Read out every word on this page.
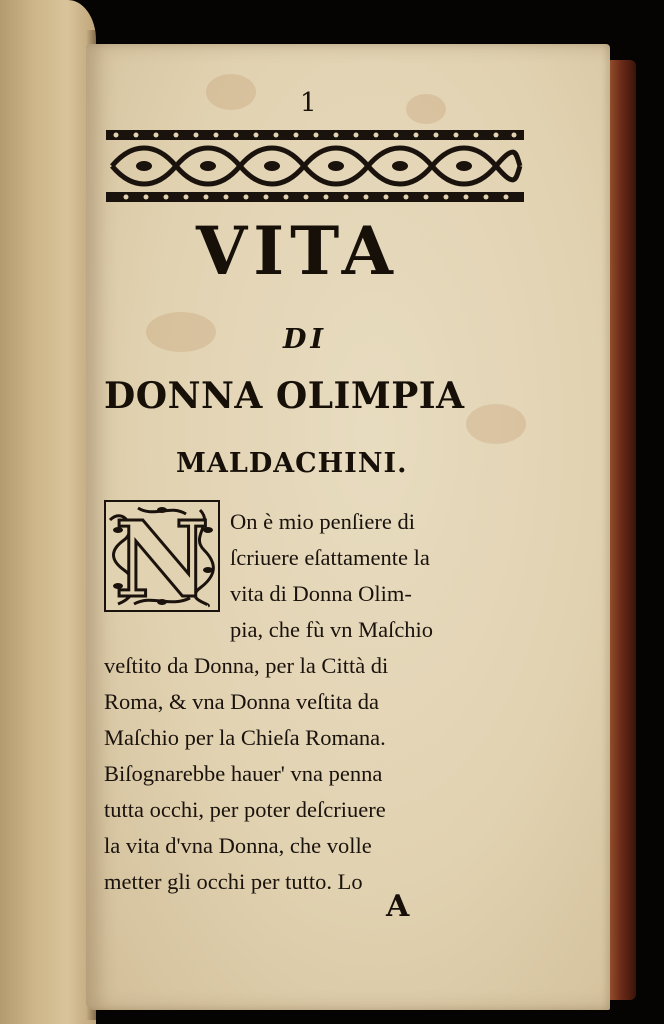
1
VITA
DI
DONNA OLIMPIA
MALDACHINI.
N On è mio penſiere di
ſcriuere eſattamente la
vita di Donna Olim-
pia, che fù vn Maſchio
veſtito da Donna, per la Città di
Roma, & vna Donna veſtita da
Maſchio per la Chieſa Romana.
Biſognarebbe hauer' vna penna
tutta occhi, per poter deſcriuere
la vita d'vna Donna, che volle
metter gli occhi per tutto. Lo
A
